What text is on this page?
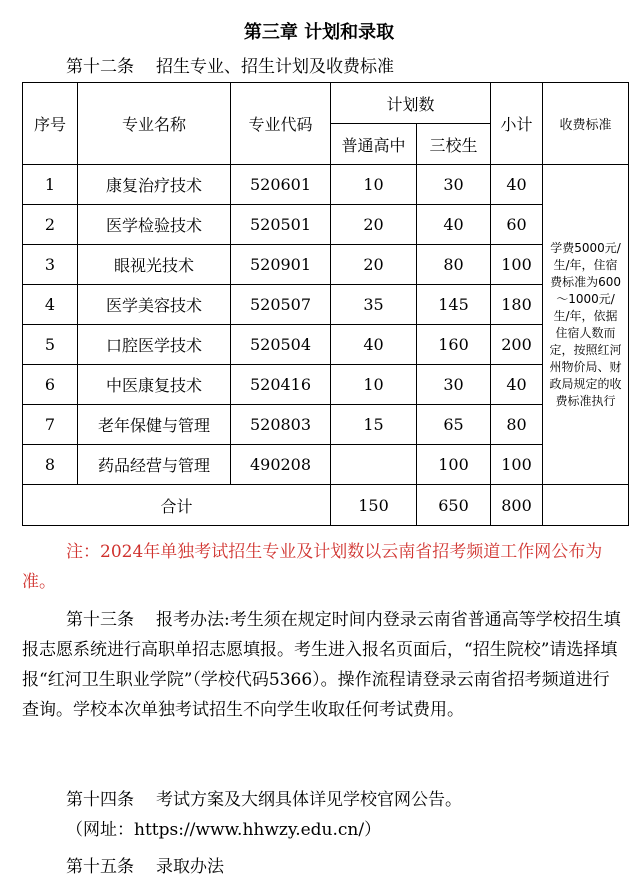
第三章 计划和录取
第十二条 招生专业、招生计划及收费标准
序号	专业名称	专业代码	计划数		小计	收费标准
			普通高中	三校生		
1	康复治疗技术	520601	10	30	40	学费5000元/生/年，住宿费标准为600～1000元/生/年，依据住宿人数而定，按照红河州物价局、财政局规定的收费标准执行
2	医学检验技术	520501	20	40	60	
3	眼视光技术	520901	20	80	100	
4	医学美容技术	520507	35	145	180	
5	口腔医学技术	520504	40	160	200	
6	中医康复技术	520416	10	30	40	
7	老年保健与管理	520803	15	65	80	
8	药品经营与管理	490208		100	100	
合计			150	650	800	
注：2024年单独考试招生专业及计划数以云南省招考频道工作网公布为准。
第十三条 报考办法:考生须在规定时间内登录云南省普通高等学校招生填报志愿系统进行高职单招志愿填报。考生进入报名页面后，“招生院校”请选择填报“红河卫生职业学院”（学校代码5366）。操作流程请登录云南省招考频道进行查询。学校本次单独考试招生不向学生收取任何考试费用。
第十四条 考试方案及大纲具体详见学校官网公告。
（网址：https://www.hhwzy.edu.cn/）
第十五条 录取办法
